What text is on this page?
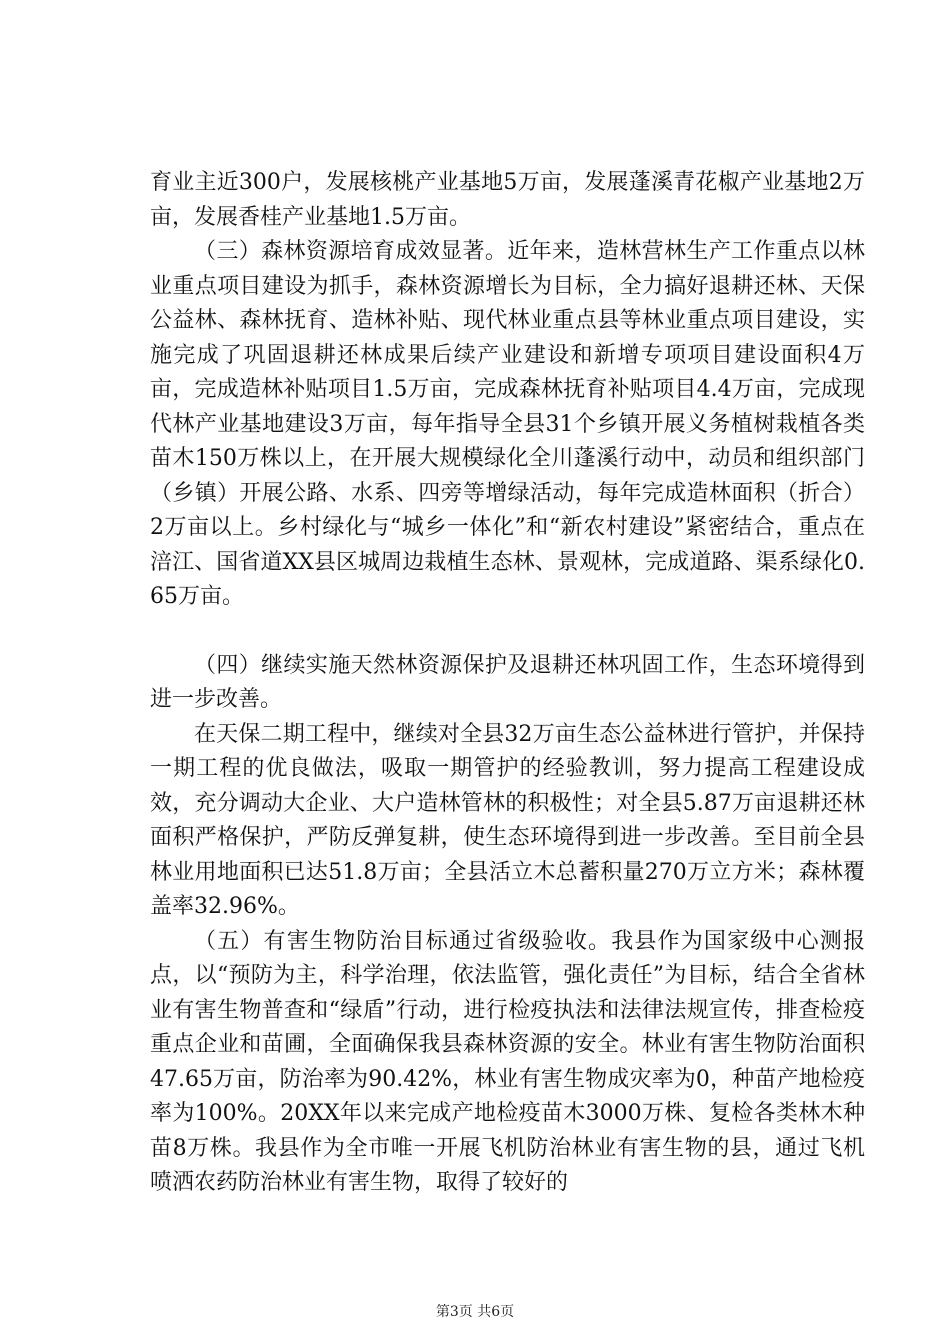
育业主近300户，发展核桃产业基地5万亩，发展蓬溪青花椒产业基地2万亩，发展香桂产业基地1.5万亩。

（三）森林资源培育成效显著。近年来，造林营林生产工作重点以林业重点项目建设为抓手，森林资源增长为目标，全力搞好退耕还林、天保公益林、森林抚育、造林补贴、现代林业重点县等林业重点项目建设，实施完成了巩固退耕还林成果后续产业建设和新增专项项目建设面积4万亩，完成造林补贴项目1.5万亩，完成森林抚育补贴项目4.4万亩，完成现代林产业基地建设3万亩，每年指导全县31个乡镇开展义务植树栽植各类苗木150万株以上，在开展大规模绿化全川蓬溪行动中，动员和组织部门（乡镇）开展公路、水系、四旁等增绿活动，每年完成造林面积（折合）2万亩以上。乡村绿化与“城乡一体化”和“新农村建设”紧密结合，重点在涪江、国省道XX县区城周边栽植生态林、景观林，完成道路、渠系绿化0.65万亩。

（四）继续实施天然林资源保护及退耕还林巩固工作，生态环境得到进一步改善。

在天保二期工程中，继续对全县32万亩生态公益林进行管护，并保持一期工程的优良做法，吸取一期管护的经验教训，努力提高工程建设成效，充分调动大企业、大户造林管林的积极性；对全县5.87万亩退耕还林面积严格保护，严防反弹复耕，使生态环境得到进一步改善。至目前全县林业用地面积已达51.8万亩；全县活立木总蓄积量270万立方米；森林覆盖率32.96%。

（五）有害生物防治目标通过省级验收。我县作为国家级中心测报点，以“预防为主，科学治理，依法监管，强化责任”为目标，结合全省林业有害生物普查和“绿盾”行动，进行检疫执法和法律法规宣传，排查检疫重点企业和苗圃，全面确保我县森林资源的安全。林业有害生物防治面积47.65万亩，防治率为90.42%，林业有害生物成灾率为0，种苗产地检疫率为100%。20XX年以来完成产地检疫苗木3000万株、复检各类林木种苗8万株。我县作为全市唯一开展飞机防治林业有害生物的县，通过飞机喷洒农药防治林业有害生物，取得了较好的

第3页 共6页
